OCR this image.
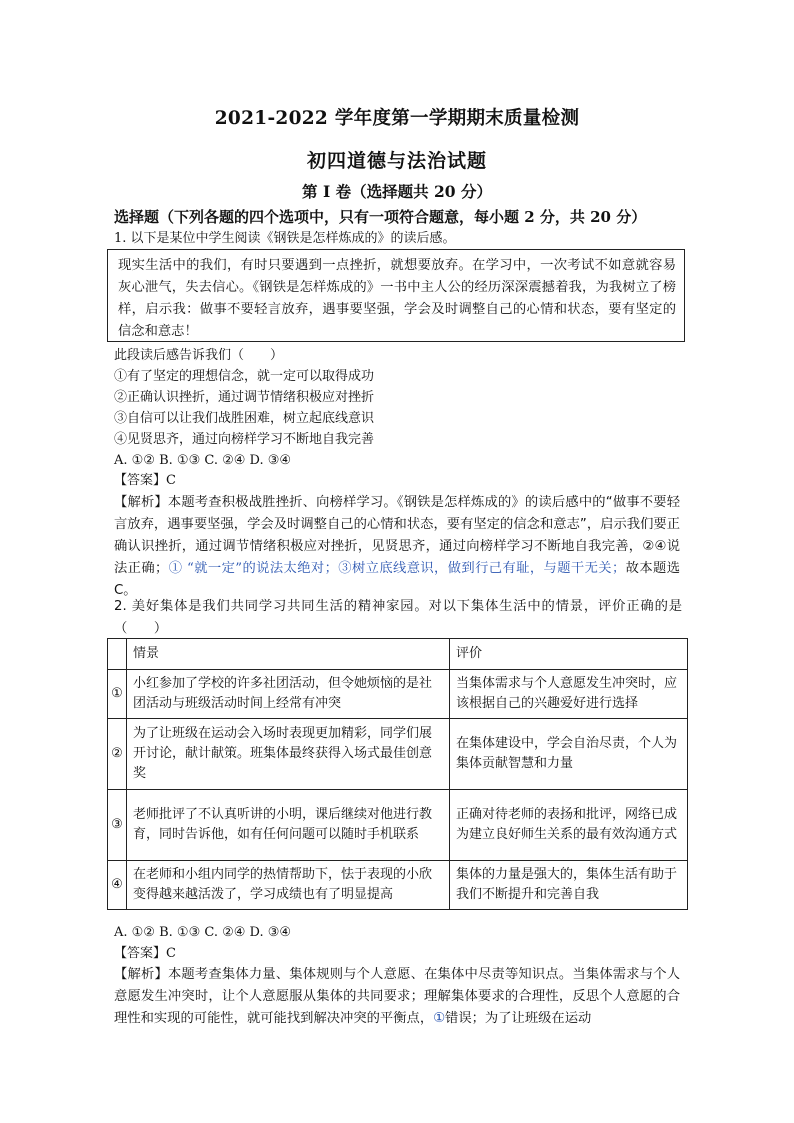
2021-2022 学年度第一学期期末质量检测
初四道德与法治试题
第 I 卷（选择题共 20 分）
选择题（下列各题的四个选项中，只有一项符合题意，每小题 2 分，共 20 分）
1. 以下是某位中学生阅读《钢铁是怎样炼成的》的读后感。
现实生活中的我们，有时只要遇到一点挫折，就想要放弃。在学习中，一次考试不如意就容易灰心泄气，失去信心。《钢铁是怎样炼成的》一书中主人公的经历深深震撼着我，为我树立了榜样，启示我：做事不要轻言放弃，遇事要坚强，学会及时调整自己的心情和状态，要有坚定的信念和意志！
此段读后感告诉我们（　　）
①有了坚定的理想信念，就一定可以取得成功
②正确认识挫折，通过调节情绪积极应对挫折
③自信可以让我们战胜困难，树立起底线意识
④见贤思齐，通过向榜样学习不断地自我完善
A. ①② B. ①③ C. ②④ D. ③④
【答案】C
【解析】本题考查积极战胜挫折、向榜样学习。《钢铁是怎样炼成的》的读后感中的“做事不要轻言放弃，遇事要坚强，学会及时调整自己的心情和状态，要有坚定的信念和意志”，启示我们要正确认识挫折，通过调节情绪积极应对挫折，见贤思齐，通过向榜样学习不断地自我完善，②④说法正确；① “就一定”的说法太绝对；③树立底线意识，做到行己有耻，与题干无关；故本题选 C。
2. 美好集体是我们共同学习共同生活的精神家园。对以下集体生活中的情景，评价正确的是（　　）
	情景	评价
①	小红参加了学校的许多社团活动，但令她烦恼的是社团活动与班级活动时间上经常有冲突	当集体需求与个人意愿发生冲突时，应该根据自己的兴趣爱好进行选择
②	为了让班级在运动会入场时表现更加精彩，同学们展开讨论，献计献策。班集体最终获得入场式最佳创意奖	在集体建设中，学会自治尽责，个人为集体贡献智慧和力量
③	老师批评了不认真听讲的小明，课后继续对他进行教育，同时告诉他，如有任何问题可以随时手机联系	正确对待老师的表扬和批评，网络已成为建立良好师生关系的最有效沟通方式
④	在老师和小组内同学的热情帮助下，怯于表现的小欣变得越来越活泼了，学习成绩也有了明显提高	集体的力量是强大的，集体生活有助于我们不断提升和完善自我
A. ①② B. ①③ C. ②④ D. ③④
【答案】C
【解析】本题考查集体力量、集体规则与个人意愿、在集体中尽责等知识点。当集体需求与个人意愿发生冲突时，让个人意愿服从集体的共同要求；理解集体要求的合理性，反思个人意愿的合理性和实现的可能性，就可能找到解决冲突的平衡点，①错误；为了让班级在运动
